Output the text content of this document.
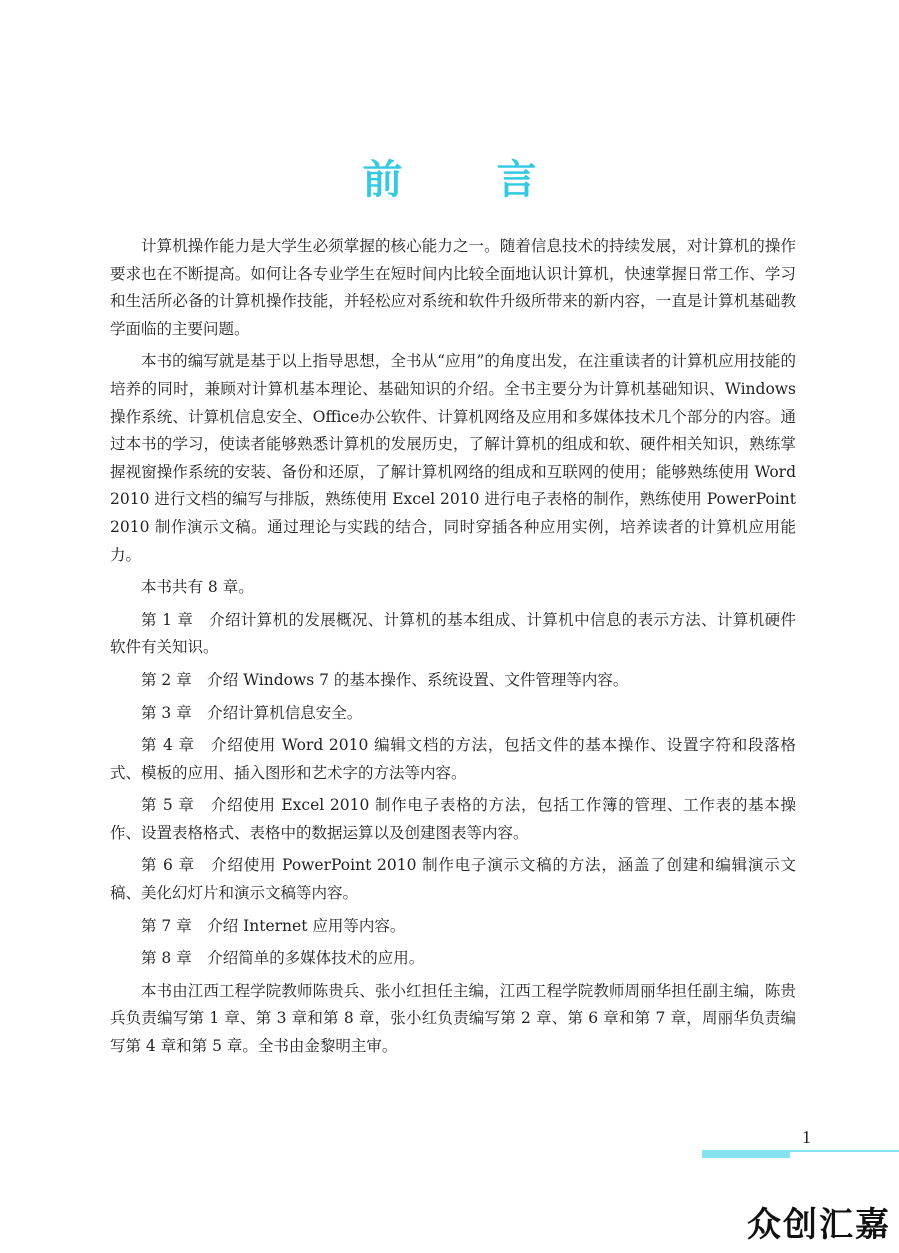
前 言

计算机操作能力是大学生必须掌握的核心能力之一。随着信息技术的持续发展，对计算机的操作要求也在不断提高。如何让各专业学生在短时间内比较全面地认识计算机，快速掌握日常工作、学习和生活所必备的计算机操作技能，并轻松应对系统和软件升级所带来的新内容，一直是计算机基础教学面临的主要问题。

本书的编写就是基于以上指导思想，全书从“应用”的角度出发，在注重读者的计算机应用技能的培养的同时，兼顾对计算机基本理论、基础知识的介绍。全书主要分为计算机基础知识、Windows操作系统、计算机信息安全、Office办公软件、计算机网络及应用和多媒体技术几个部分的内容。通过本书的学习，使读者能够熟悉计算机的发展历史，了解计算机的组成和软、硬件相关知识，熟练掌握视窗操作系统的安装、备份和还原，了解计算机网络的组成和互联网的使用；能够熟练使用 Word 2010 进行文档的编写与排版，熟练使用 Excel 2010 进行电子表格的制作，熟练使用 PowerPoint 2010 制作演示文稿。通过理论与实践的结合，同时穿插各种应用实例，培养读者的计算机应用能力。

本书共有 8 章。

第 1 章　介绍计算机的发展概况、计算机的基本组成、计算机中信息的表示方法、计算机硬件软件有关知识。

第 2 章　介绍 Windows 7 的基本操作、系统设置、文件管理等内容。

第 3 章　介绍计算机信息安全。

第 4 章　介绍使用 Word 2010 编辑文档的方法，包括文件的基本操作、设置字符和段落格式、模板的应用、插入图形和艺术字的方法等内容。

第 5 章　介绍使用 Excel 2010 制作电子表格的方法，包括工作簿的管理、工作表的基本操作、设置表格格式、表格中的数据运算以及创建图表等内容。

第 6 章　介绍使用 PowerPoint 2010 制作电子演示文稿的方法，涵盖了创建和编辑演示文稿、美化幻灯片和演示文稿等内容。

第 7 章　介绍 Internet 应用等内容。

第 8 章　介绍简单的多媒体技术的应用。

本书由江西工程学院教师陈贵兵、张小红担任主编，江西工程学院教师周丽华担任副主编，陈贵兵负责编写第 1 章、第 3 章和第 8 章，张小红负责编写第 2 章、第 6 章和第 7 章，周丽华负责编写第 4 章和第 5 章。全书由金黎明主审。

1
众创汇嘉
